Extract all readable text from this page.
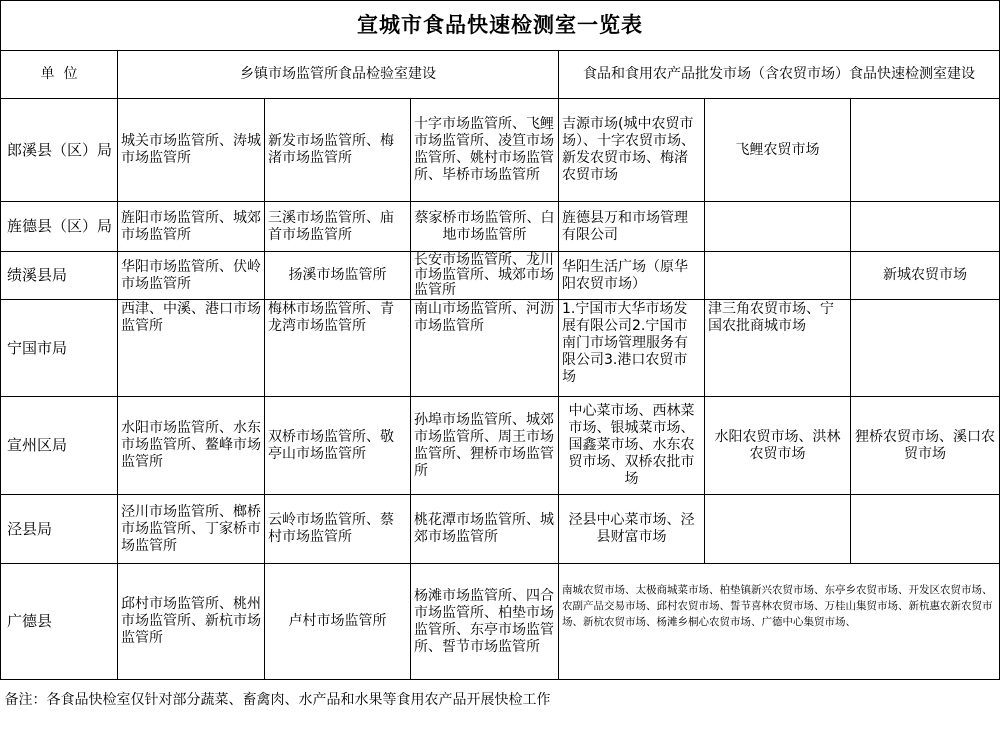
宣城市食品快速检测室一览表						
单  位	乡镇市场监管所食品检验室建设			食品和食用农产品批发市场（含农贸市场）食品快速检测室建设		
郎溪县（区）局	城关市场监管所、涛城市场监管所	新发市场监管所、梅渚市场监管所	十字市场监管所、飞鲤市场监管所、凌笪市场监管所、姚村市场监管所、毕桥市场监管所	吉源市场(城中农贸市场）、十字农贸市场、新发农贸市场、梅渚农贸市场	飞鲤农贸市场	
旌德县（区）局	旌阳市场监管所、城郊市场监管所	三溪市场监管所、庙首市场监管所	蔡家桥市场监管所、白地市场监管所	旌德县万和市场管理有限公司		
绩溪县局	华阳市场监管所、伏岭市场监管所	扬溪市场监管所	长安市场监管所、龙川市场监管所、城郊市场监管所	华阳生活广场（原华阳农贸市场）		新城农贸市场
宁国市局	西津、中溪、港口市场监管所	梅林市场监管所、青龙湾市场监管所	南山市场监管所、河沥市场监管所	1.宁国市大华市场发展有限公司2.宁国市南门市场管理服务有限公司3.港口农贸市场	津三角农贸市场、宁国农批商城市场	
宣州区局	水阳市场监管所、水东市场监管所、鳌峰市场监管所	双桥市场监管所、敬亭山市场监管所	孙埠市场监管所、城郊市场监管所、周王市场监管所、狸桥市场监管所	中心菜市场、西林菜市场、银城菜市场、国鑫菜市场、水东农贸市场、双桥农批市场	水阳农贸市场、洪林农贸市场	狸桥农贸市场、溪口农贸市场
泾县局	泾川市场监管所、榔桥市场监管所、丁家桥市场监管所	云岭市场监管所、蔡村市场监管所	桃花潭市场监管所、城郊市场监管所	泾县中心菜市场、泾县财富市场		
广德县	邱村市场监管所、桃州市场监管所、新杭市场监管所	卢村市场监管所	杨滩市场监管所、四合市场监管所、柏垫市场监管所、东亭市场监管所、誓节市场监管所	南城农贸市场、太极商城菜市场、柏垫镇新兴农贸市场、东亭乡农贸市场、开发区农贸市场、农副产品交易市场、邱村农贸市场、誓节喜林农贸市场、万桂山集贸市场、新杭惠农新农贸市场、新杭农贸市场、杨滩乡桐心农贸市场、广德中心集贸市场、		
备注：各食品快检室仅针对部分蔬菜、畜禽肉、水产品和水果等食用农产品开展快检工作						
